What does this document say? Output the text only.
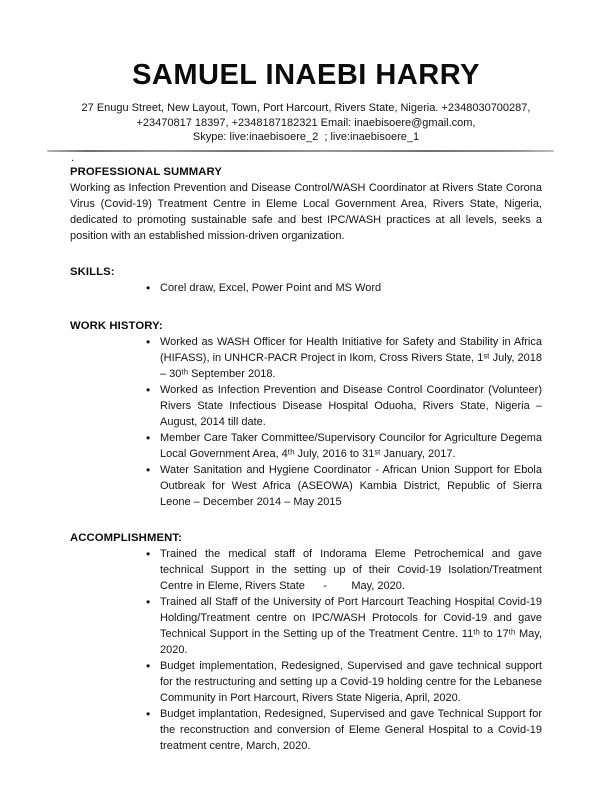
SAMUEL INAEBI HARRY
27 Enugu Street, New Layout, Town, Port Harcourt, Rivers State, Nigeria. +2348030700287,
+23470817 18397, +2348187182321 Email: inaebisoere@gmail.com,
Skype: live:inaebisoere_2  ; live:inaebisoere_1
.
PROFESSIONAL SUMMARY

Working as Infection Prevention and Disease Control/WASH Coordinator at Rivers State Corona Virus (Covid-19) Treatment Centre in Eleme Local Government Area, Rivers State, Nigeria, dedicated to promoting sustainable safe and best IPC/WASH practices at all levels, seeks a position with an established mission-driven organization.

SKILLS:
• Corel draw, Excel, Power Point and MS Word
WORK HISTORY:
• Worked as WASH Officer for Health Initiative for Safety and Stability in Africa (HIFASS), in UNHCR-PACR Project in Ikom, Cross Rivers State, 1ˢᵗ July, 2018 – 30ᵗʰ September 2018.
• Worked as Infection Prevention and Disease Control Coordinator (Volunteer) Rivers State Infectious Disease Hospital Oduoha, Rivers State, Nigeria – August, 2014 till date.
• Member Care Taker Committee/Supervisory Councilor for Agriculture Degema Local Government Area, 4ᵗʰ July, 2016 to 31ˢᵗ January, 2017.
• Water Sanitation and Hygiene Coordinator - African Union Support for Ebola Outbreak for West Africa (ASEOWA) Kambia District, Republic of Sierra Leone – December 2014 – May 2015
ACCOMPLISHMENT:
• Trained the medical staff of Indorama Eleme Petrochemical and gave technical Support in the setting up of their Covid-19 Isolation/Treatment Centre in Eleme, Rivers State      -        May, 2020.
• Trained all Staff of the University of Port Harcourt Teaching Hospital Covid-19 Holding/Treatment centre on IPC/WASH Protocols for Covid-19 and gave Technical Support in the Setting up of the Treatment Centre. 11ᵗʰ to 17ᵗʰ May, 2020.
• Budget implementation, Redesigned, Supervised and gave technical support for the restructuring and setting up a Covid-19 holding centre for the Lebanese Community in Port Harcourt, Rivers State Nigeria, April, 2020.
• Budget implantation, Redesigned, Supervised and gave Technical Support for the reconstruction and conversion of Eleme General Hospital to a Covid-19 treatment centre, March, 2020.
